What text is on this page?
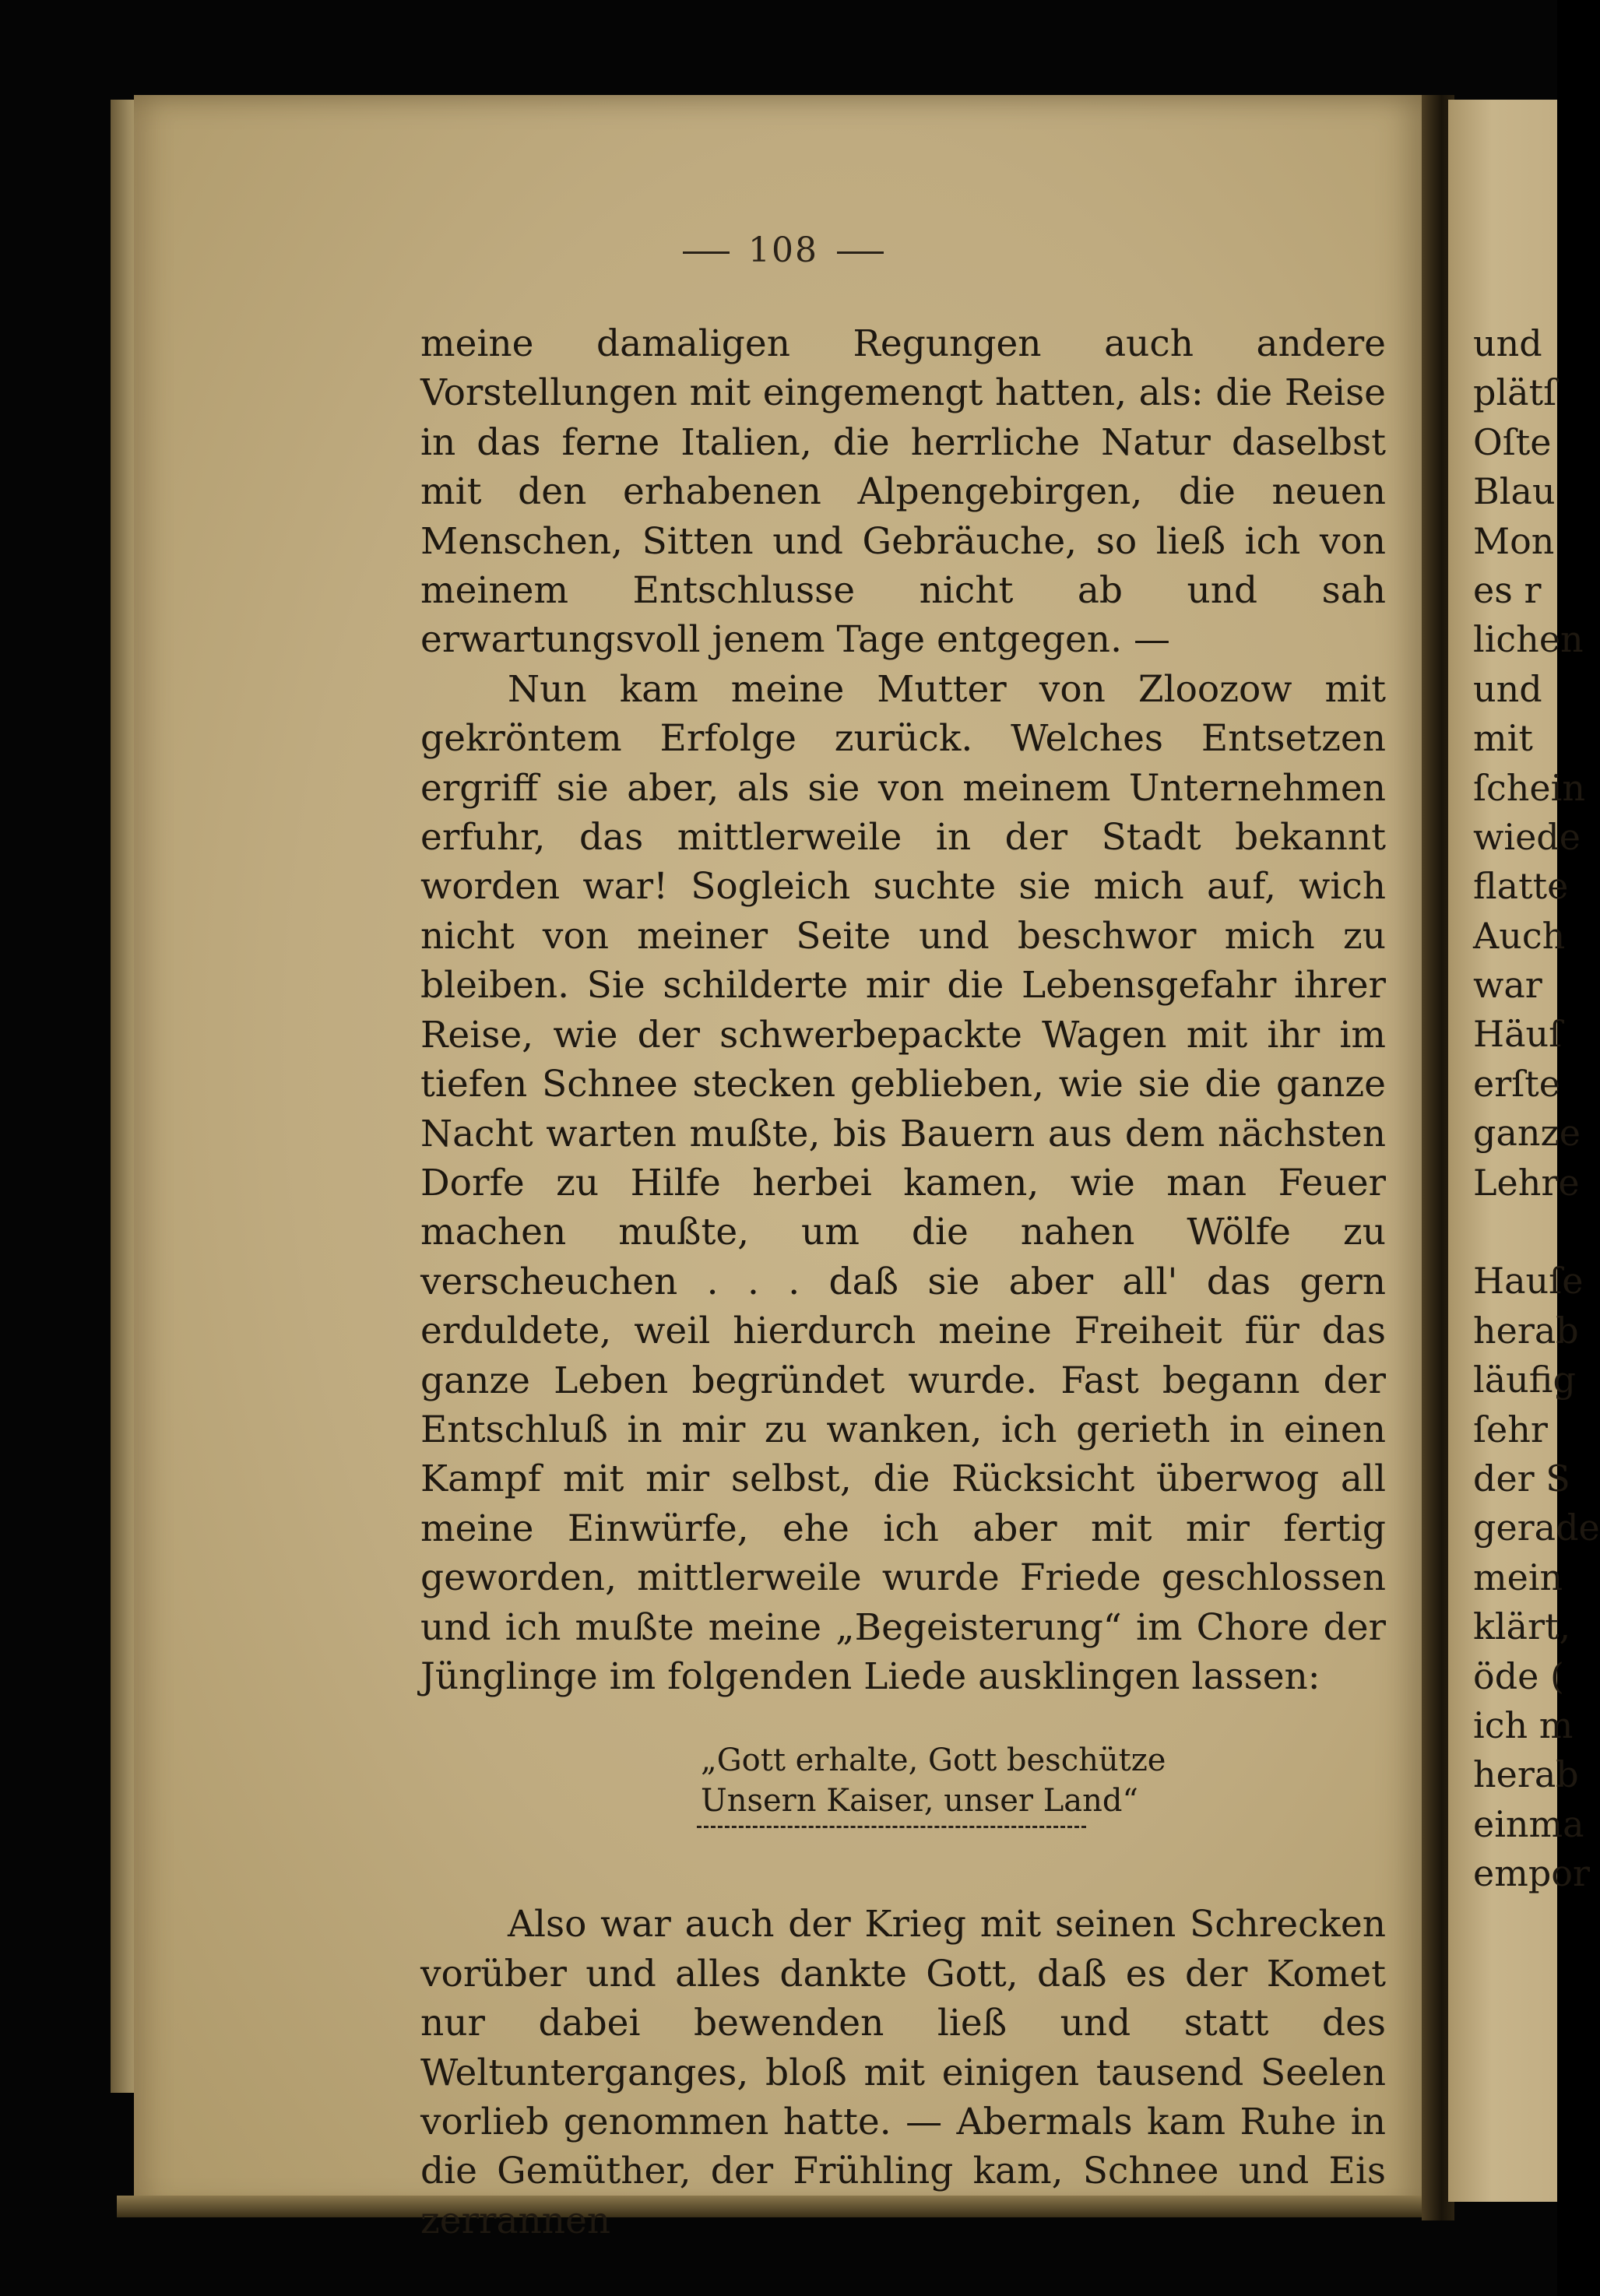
108

meine damaligen Regungen auch andere Vorstellungen mit eingemengt hatten, als: die Reise in das ferne Italien, die herrliche Natur daselbst mit den erhabenen Alpengebirgen, die neuen Menschen, Sitten und Gebräuche, so ließ ich von meinem Entschlusse nicht ab und sah erwartungsvoll jenem Tage entgegen. —

Nun kam meine Mutter von Zloozow mit gekröntem Erfolge zurück. Welches Entsetzen ergriff sie aber, als sie von meinem Unternehmen erfuhr, das mittlerweile in der Stadt bekannt worden war! Sogleich suchte sie mich auf, wich nicht von meiner Seite und beschwor mich zu bleiben. Sie schilderte mir die Lebensgefahr ihrer Reise, wie der schwerbepackte Wagen mit ihr im tiefen Schnee stecken geblieben, wie sie die ganze Nacht warten mußte, bis Bauern aus dem nächsten Dorfe zu Hilfe herbei kamen, wie man Feuer machen mußte, um die nahen Wölfe zu verscheuchen . . . daß sie aber all' das gern erduldete, weil hierdurch meine Freiheit für das ganze Leben begründet wurde. Fast begann der Entschluß in mir zu wanken, ich gerieth in einen Kampf mit mir selbst, die Rücksicht überwog all meine Einwürfe, ehe ich aber mit mir fertig geworden, mittlerweile wurde Friede geschlossen und ich mußte meine „Begeisterung“ im Chore der Jünglinge im folgenden Liede ausklingen lassen:

„Gott erhalte, Gott beschütze
Unsern Kaiser, unser Land“

Also war auch der Krieg mit seinen Schrecken vorüber und alles dankte Gott, daß es der Komet nur dabei bewenden ließ und statt des Weltunterganges, bloß mit einigen tausend Seelen vorlieb genommen hatte. — Abermals kam Ruhe in die Gemüther, der Frühling kam, Schnee und Eis zerrannen

und
plätſ
Oſte
Blau
Mon
es r
lichen
und
mit
ſchein
wiede
flatte
Auch
war
Häuſ
erſte
ganze
Lehre
Hauſe
herab
läufig
ſehr
der S
gerade
mein
klärt,
öde (
ich m
herab
einma
empor
